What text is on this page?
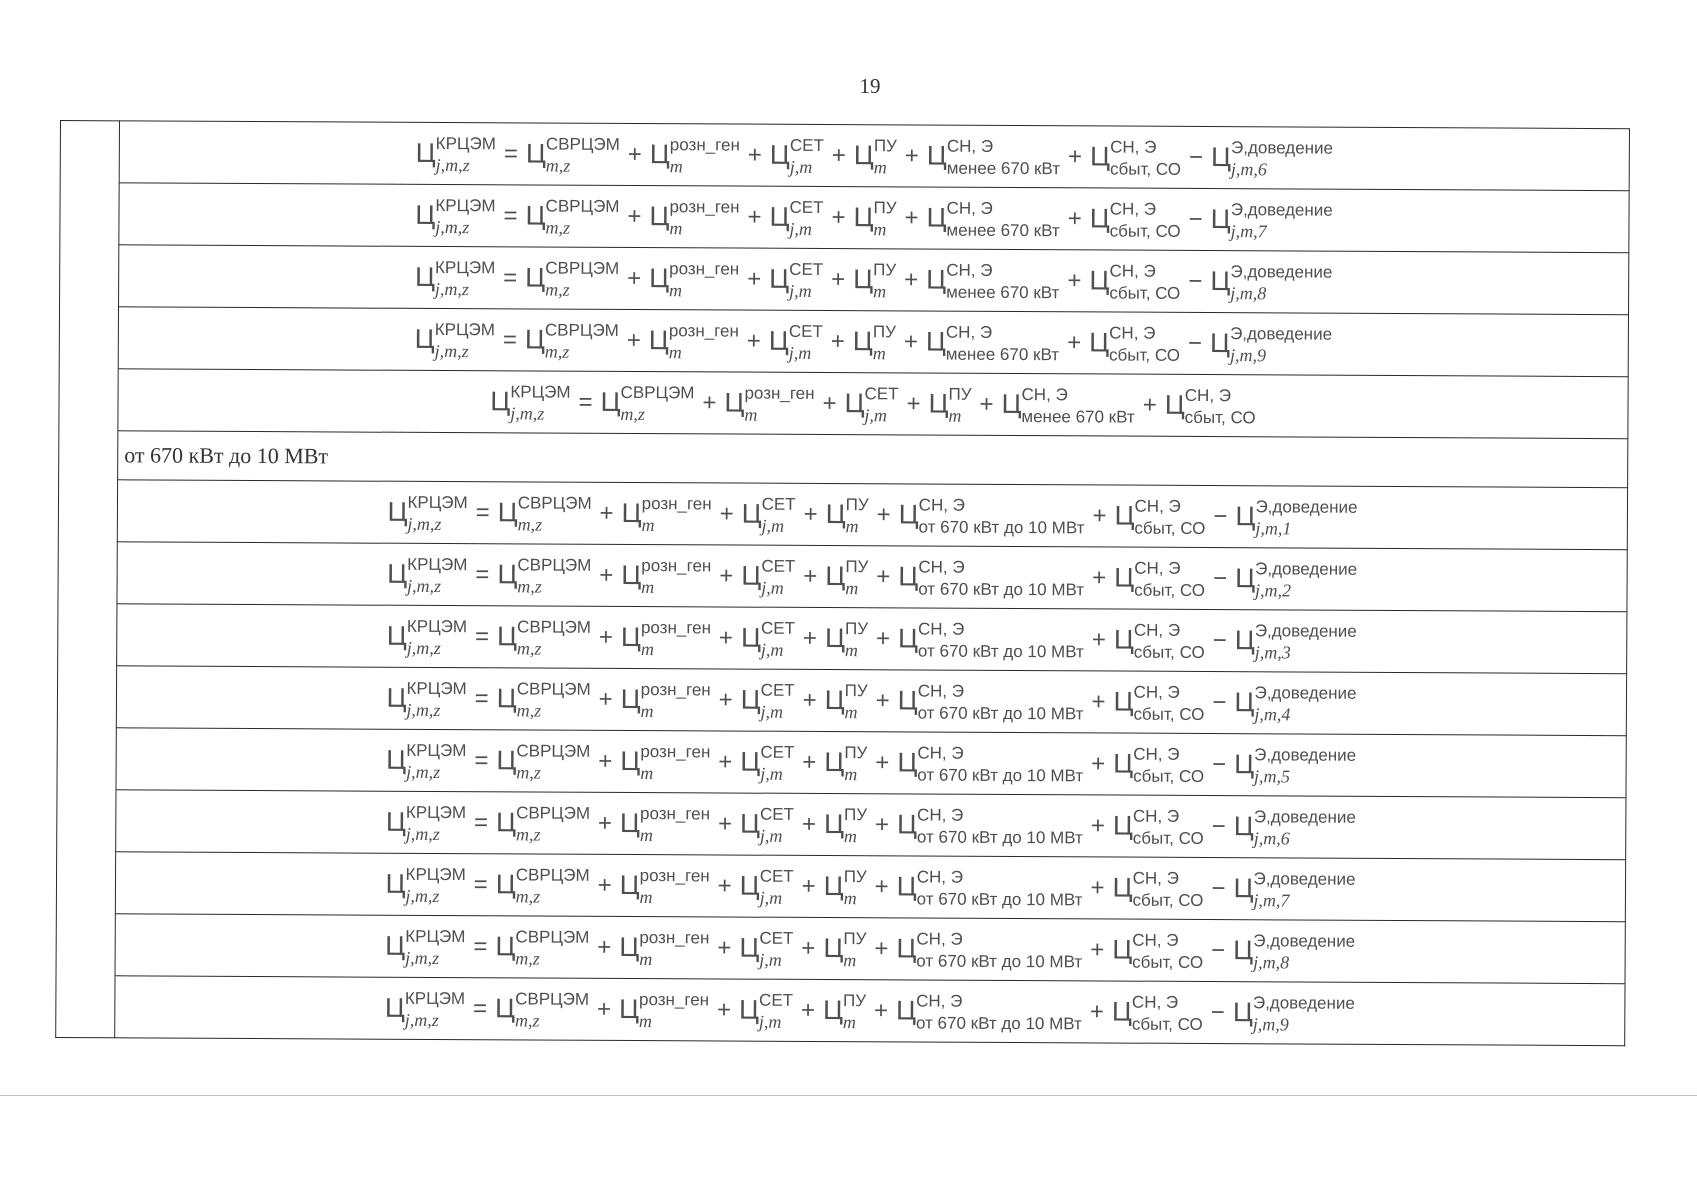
19
	Ц КРЦЭМ
j,m,z	= Ц СВРЦЭМ
m,z	+ Ц розн_ген
m	+ Ц СЕТ
j,m + Ц ПУ
m + Ц СН, Э
менее 670 кВт + Ц СН, Э
сбыт, СО − Ц Э,доведение
j,m,6

Ц КРЦЭМ
j,m,z	= Ц СВРЦЭМ
m,z	+ Ц розн_ген
m	+ Ц СЕТ
j,m + Ц ПУ
m + Ц СН, Э
менее 670 кВт + Ц СН, Э
сбыт, СО − Ц Э,доведение
j,m,7

Ц КРЦЭМ
j,m,z	= Ц СВРЦЭМ
m,z	+ Ц розн_ген
m	+ Ц СЕТ
j,m + Ц ПУ
m + Ц СН, Э
менее 670 кВт + Ц СН, Э
сбыт, СО − Ц Э,доведение
j,m,8

Ц КРЦЭМ
j,m,z	= Ц СВРЦЭМ
m,z	+ Ц розн_ген
m	+ Ц СЕТ
j,m + Ц ПУ
m + Ц СН, Э
менее 670 кВт + Ц СН, Э
сбыт, СО − Ц Э,доведение
j,m,9

Ц КРЦЭМ
j,m,z	= Ц СВРЦЭМ
m,z	+ Ц розн_ген
m	+ Ц СЕТ
j,m + Ц ПУ
m + Ц СН, Э
менее 670 кВт + Ц СН, Э
сбыт, СО

от 670 кВт до 10 МВт
Ц КРЦЭМ
j,m,z	= Ц СВРЦЭМ
m,z	+ Ц розн_ген
m	+ Ц СЕТ
j,m + Ц ПУ
m + Ц СН, Э
от 670 кВт до 10 МВт + Ц СН, Э
сбыт, СО − Ц Э,доведение
j,m,1

Ц КРЦЭМ
j,m,z	= Ц СВРЦЭМ
m,z	+ Ц розн_ген
m	+ Ц СЕТ
j,m + Ц ПУ
m + Ц СН, Э
от 670 кВт до 10 МВт + Ц СН, Э
сбыт, СО − Ц Э,доведение
j,m,2

Ц КРЦЭМ
j,m,z	= Ц СВРЦЭМ
m,z	+ Ц розн_ген
m	+ Ц СЕТ
j,m + Ц ПУ
m + Ц СН, Э
от 670 кВт до 10 МВт + Ц СН, Э
сбыт, СО − Ц Э,доведение
j,m,3

Ц КРЦЭМ
j,m,z	= Ц СВРЦЭМ
m,z	+ Ц розн_ген
m	+ Ц СЕТ
j,m + Ц ПУ
m + Ц СН, Э
от 670 кВт до 10 МВт + Ц СН, Э
сбыт, СО − Ц Э,доведение
j,m,4

Ц КРЦЭМ
j,m,z	= Ц СВРЦЭМ
m,z	+ Ц розн_ген
m	+ Ц СЕТ
j,m + Ц ПУ
m + Ц СН, Э
от 670 кВт до 10 МВт + Ц СН, Э
сбыт, СО − Ц Э,доведение
j,m,5

Ц КРЦЭМ
j,m,z	= Ц СВРЦЭМ
m,z	+ Ц розн_ген
m	+ Ц СЕТ
j,m + Ц ПУ
m + Ц СН, Э
от 670 кВт до 10 МВт + Ц СН, Э
сбыт, СО − Ц Э,доведение
j,m,6

Ц КРЦЭМ
j,m,z	= Ц СВРЦЭМ
m,z	+ Ц розн_ген
m	+ Ц СЕТ
j,m + Ц ПУ
m + Ц СН, Э
от 670 кВт до 10 МВт + Ц СН, Э
сбыт, СО − Ц Э,доведение
j,m,7

Ц КРЦЭМ
j,m,z	= Ц СВРЦЭМ
m,z	+ Ц розн_ген
m	+ Ц СЕТ
j,m + Ц ПУ
m + Ц СН, Э
от 670 кВт до 10 МВт + Ц СН, Э
сбыт, СО − Ц Э,доведение
j,m,8

Ц КРЦЭМ
j,m,z	= Ц СВРЦЭМ
m,z	+ Ц розн_ген
m	+ Ц СЕТ
j,m + Ц ПУ
m + Ц СН, Э
от 670 кВт до 10 МВт + Ц СН, Э
сбыт, СО − Ц Э,доведение
j,m,9
